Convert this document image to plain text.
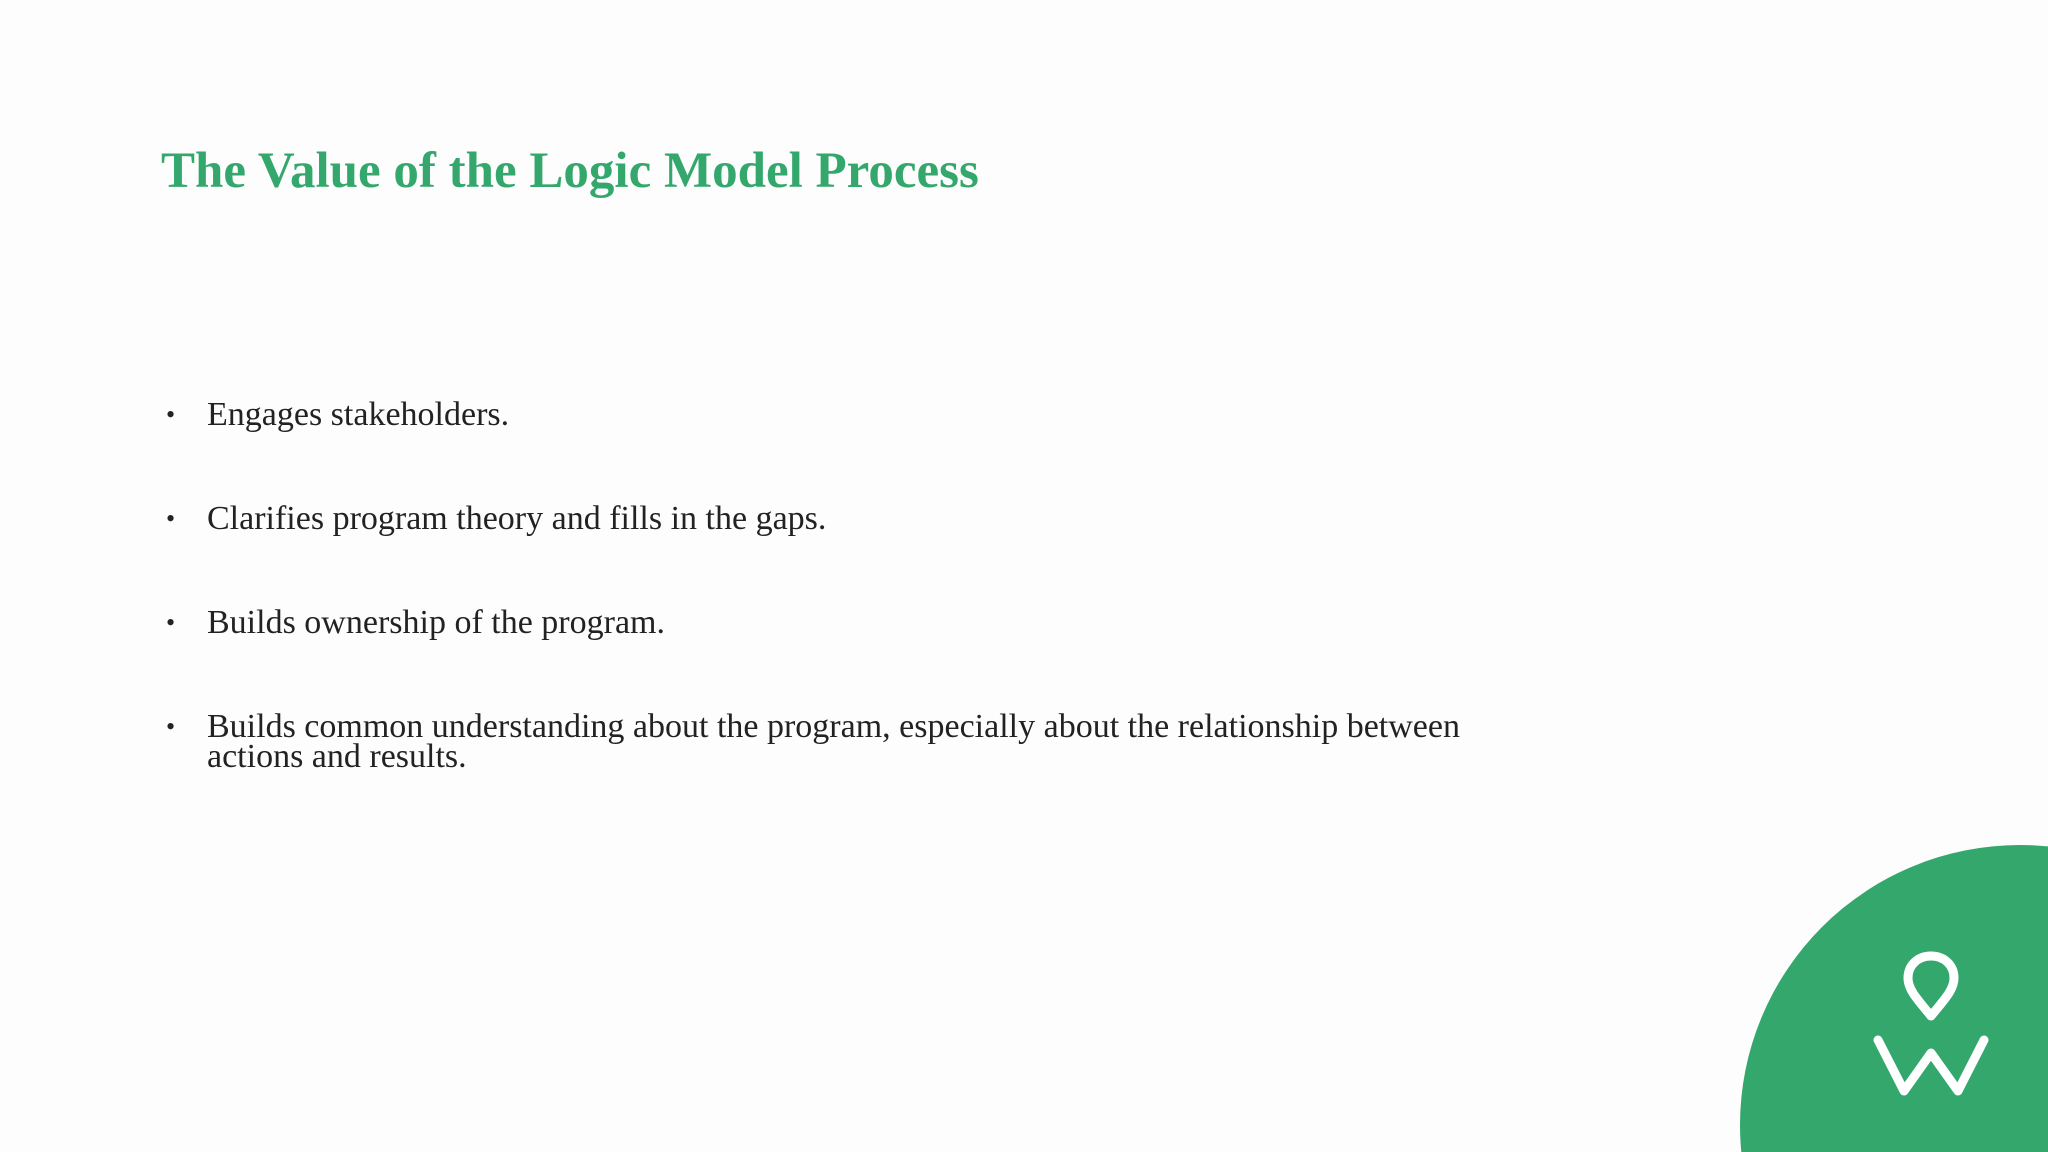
The Value of the Logic Model Process
• Engages stakeholders.
• Clarifies program theory and fills in the gaps.
• Builds ownership of the program.
• Builds common understanding about the program, especially about the relationship between actions and results.
